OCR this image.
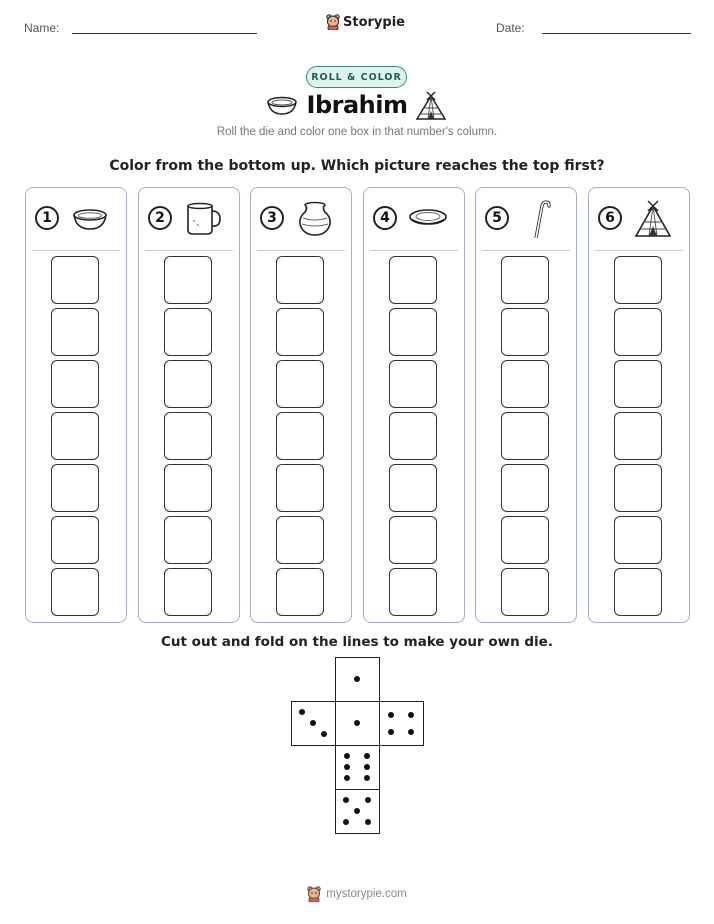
Name:	Storypie	Date:
ROLL & COLOR
Ibrahim
Roll the die and color one box in that number's column.
Color from the bottom up. Which picture reaches the top first?
1	2	3	4	5	6
Cut out and fold on the lines to make your own die.
mystorypie.com
